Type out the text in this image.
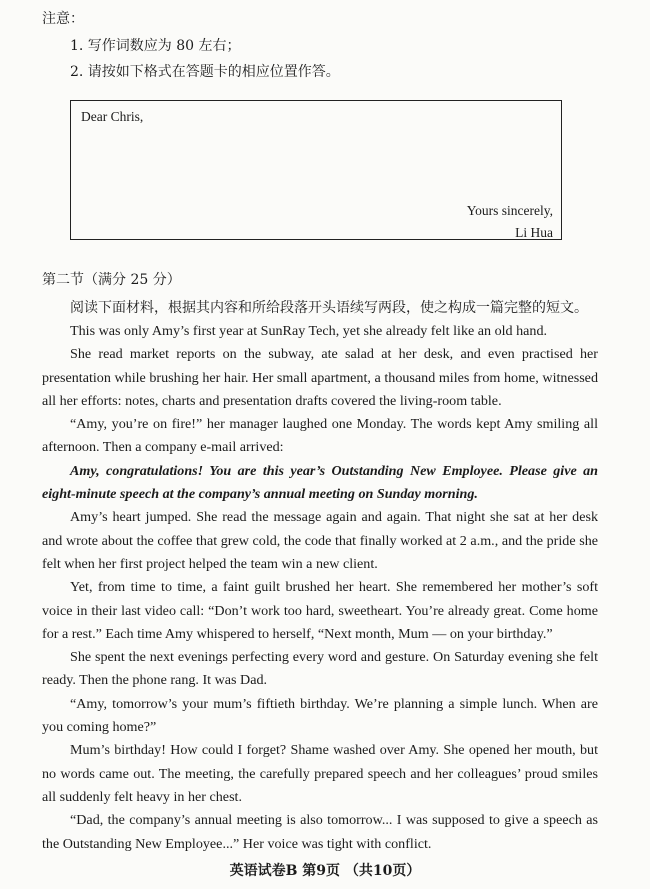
注意：
1. 写作词数应为 80 左右；
2. 请按如下格式在答题卡的相应位置作答。
Dear Chris,
Yours sincerely,
Li Hua
第二节（满分 25 分）
阅读下面材料，根据其内容和所给段落开头语续写两段，使之构成一篇完整的短文。

This was only Amy’s first year at SunRay Tech, yet she already felt like an old hand.

She read market reports on the subway, ate salad at her desk, and even practised her presentation while brushing her hair. Her small apartment, a thousand miles from home, witnessed all her efforts: notes, charts and presentation drafts covered the living-room table.

“Amy, you’re on fire!” her manager laughed one Monday. The words kept Amy smiling all afternoon. Then a company e-mail arrived:

Amy, congratulations! You are this year’s Outstanding New Employee. Please give an eight-minute speech at the company’s annual meeting on Sunday morning.

Amy’s heart jumped. She read the message again and again. That night she sat at her desk and wrote about the coffee that grew cold, the code that finally worked at 2 a.m., and the pride she felt when her first project helped the team win a new client.

Yet, from time to time, a faint guilt brushed her heart. She remembered her mother’s soft voice in their last video call: “Don’t work too hard, sweetheart. You’re already great. Come home for a rest.” Each time Amy whispered to herself, “Next month, Mum — on your birthday.”

She spent the next evenings perfecting every word and gesture. On Saturday evening she felt ready. Then the phone rang. It was Dad.

“Amy, tomorrow’s your mum’s fiftieth birthday. We’re planning a simple lunch. When are you coming home?”

Mum’s birthday! How could I forget? Shame washed over Amy. She opened her mouth, but no words came out. The meeting, the carefully prepared speech and her colleagues’ proud smiles all suddenly felt heavy in her chest.

“Dad, the company’s annual meeting is also tomorrow... I was supposed to give a speech as the Outstanding New Employee...” Her voice was tight with conflict.

英语试卷B 第9页 （共10页）
